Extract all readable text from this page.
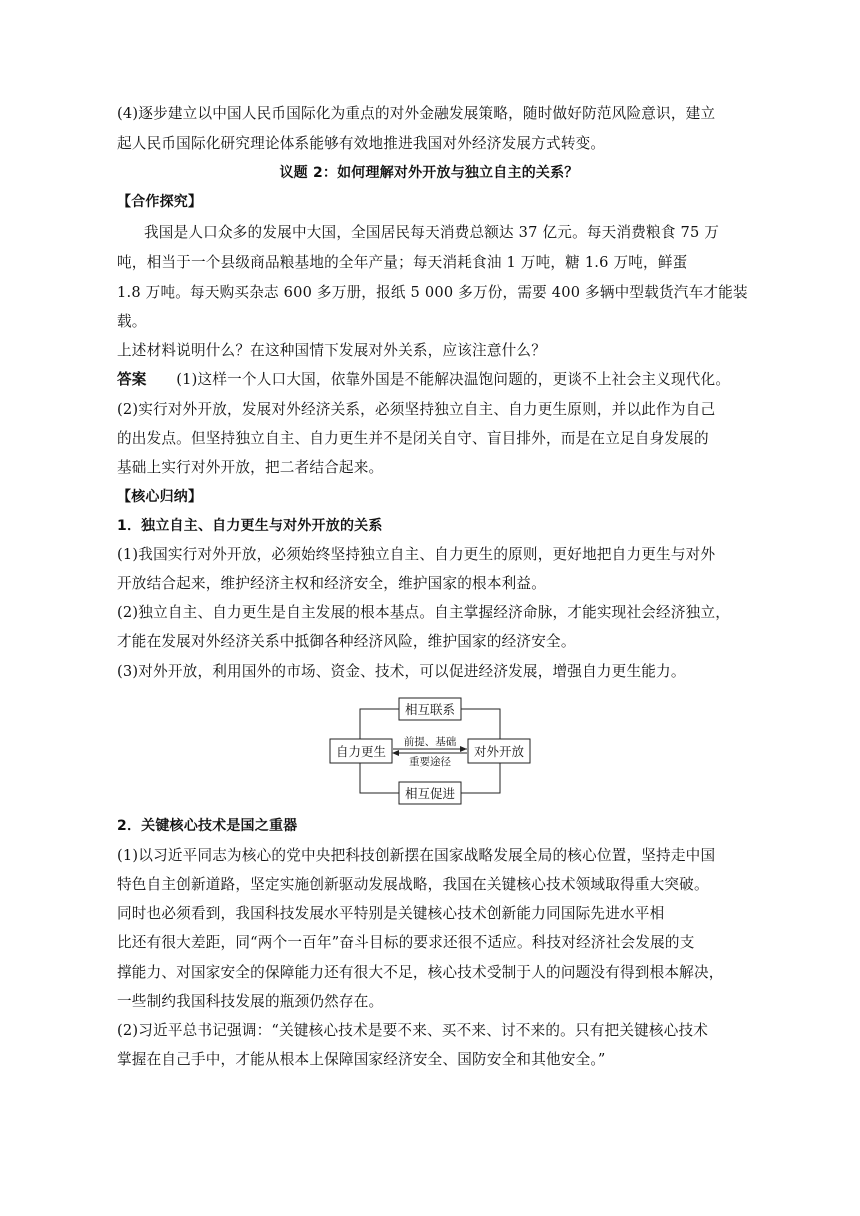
(4)逐步建立以中国人民币国际化为重点的对外金融发展策略，随时做好防范风险意识，建立
起人民币国际化研究理论体系能够有效地推进我国对外经济发展方式转变。
议题 2：如何理解对外开放与独立自主的关系？
【合作探究】
我国是人口众多的发展中大国，全国居民每天消费总额达 37 亿元。每天消费粮食 75 万
吨，相当于一个县级商品粮基地的全年产量；每天消耗食油 1 万吨，糖 1.6 万吨，鲜蛋
1.8 万吨。每天购买杂志 600 多万册，报纸 5 000 多万份，需要 400 多辆中型载货汽车才能装
载。
上述材料说明什么？在这种国情下发展对外关系，应该注意什么？
答案 (1)这样一个人口大国，依靠外国是不能解决温饱问题的，更谈不上社会主义现代化。
(2)实行对外开放，发展对外经济关系，必须坚持独立自主、自力更生原则，并以此作为自己
的出发点。但坚持独立自主、自力更生并不是闭关自守、盲目排外，而是在立足自身发展的
基础上实行对外开放，把二者结合起来。
【核心归纳】
1．独立自主、自力更生与对外开放的关系
(1)我国实行对外开放，必须始终坚持独立自主、自力更生的原则，更好地把自力更生与对外
开放结合起来，维护经济主权和经济安全，维护国家的根本利益。
(2)独立自主、自力更生是自主发展的根本基点。自主掌握经济命脉，才能实现社会经济独立，
才能在发展对外经济关系中抵御各种经济风险，维护国家的经济安全。
(3)对外开放，利用国外的市场、资金、技术，可以促进经济发展，增强自力更生能力。
相互联系
自力更生	对外开放
相互促进
前提、基础
重要途径
2．关键核心技术是国之重器
(1)以习近平同志为核心的党中央把科技创新摆在国家战略发展全局的核心位置，坚持走中国
特色自主创新道路，坚定实施创新驱动发展战略，我国在关键核心技术领域取得重大突破。
同时也必须看到，我国科技发展水平特别是关键核心技术创新能力同国际先进水平相
比还有很大差距，同“两个一百年”奋斗目标的要求还很不适应。科技对经济社会发展的支
撑能力、对国家安全的保障能力还有很大不足，核心技术受制于人的问题没有得到根本解决，
一些制约我国科技发展的瓶颈仍然存在。
(2)习近平总书记强调：“关键核心技术是要不来、买不来、讨不来的。只有把关键核心技术
掌握在自己手中，才能从根本上保障国家经济安全、国防安全和其他安全。”
